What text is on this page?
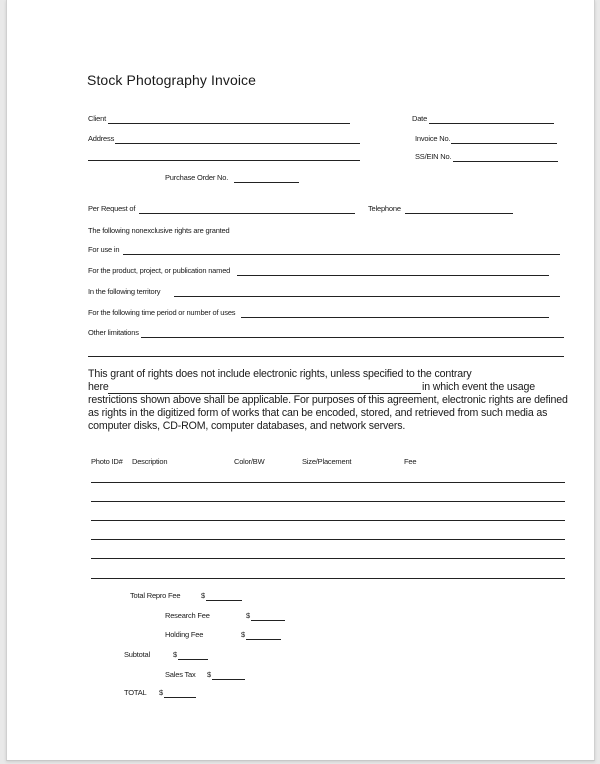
Stock Photography Invoice
Client	Date
Address	Invoice No.
SS/EIN No.
Purchase Order No.
Per Request of	Telephone
The following nonexclusive rights are granted
For use in
For the product, project, or publication named
In the following territory
For the following time period or number of uses
Other limitations
This grant of rights does not include electronic rights, unless specified to the contrary
here	in which event the usage
restrictions shown above shall be applicable. For purposes of this agreement, electronic rights are defined
as rights in the digitized form of works that can be encoded, stored, and retrieved from such media as
computer disks, CD-ROM, computer databases, and network servers.
Photo ID# Description	Color/BW	Size/Placement	Fee
Total Repro Fee	$
Research Fee	$
Holding Fee	$
Subtotal	$
Sales Tax $
TOTAL $
